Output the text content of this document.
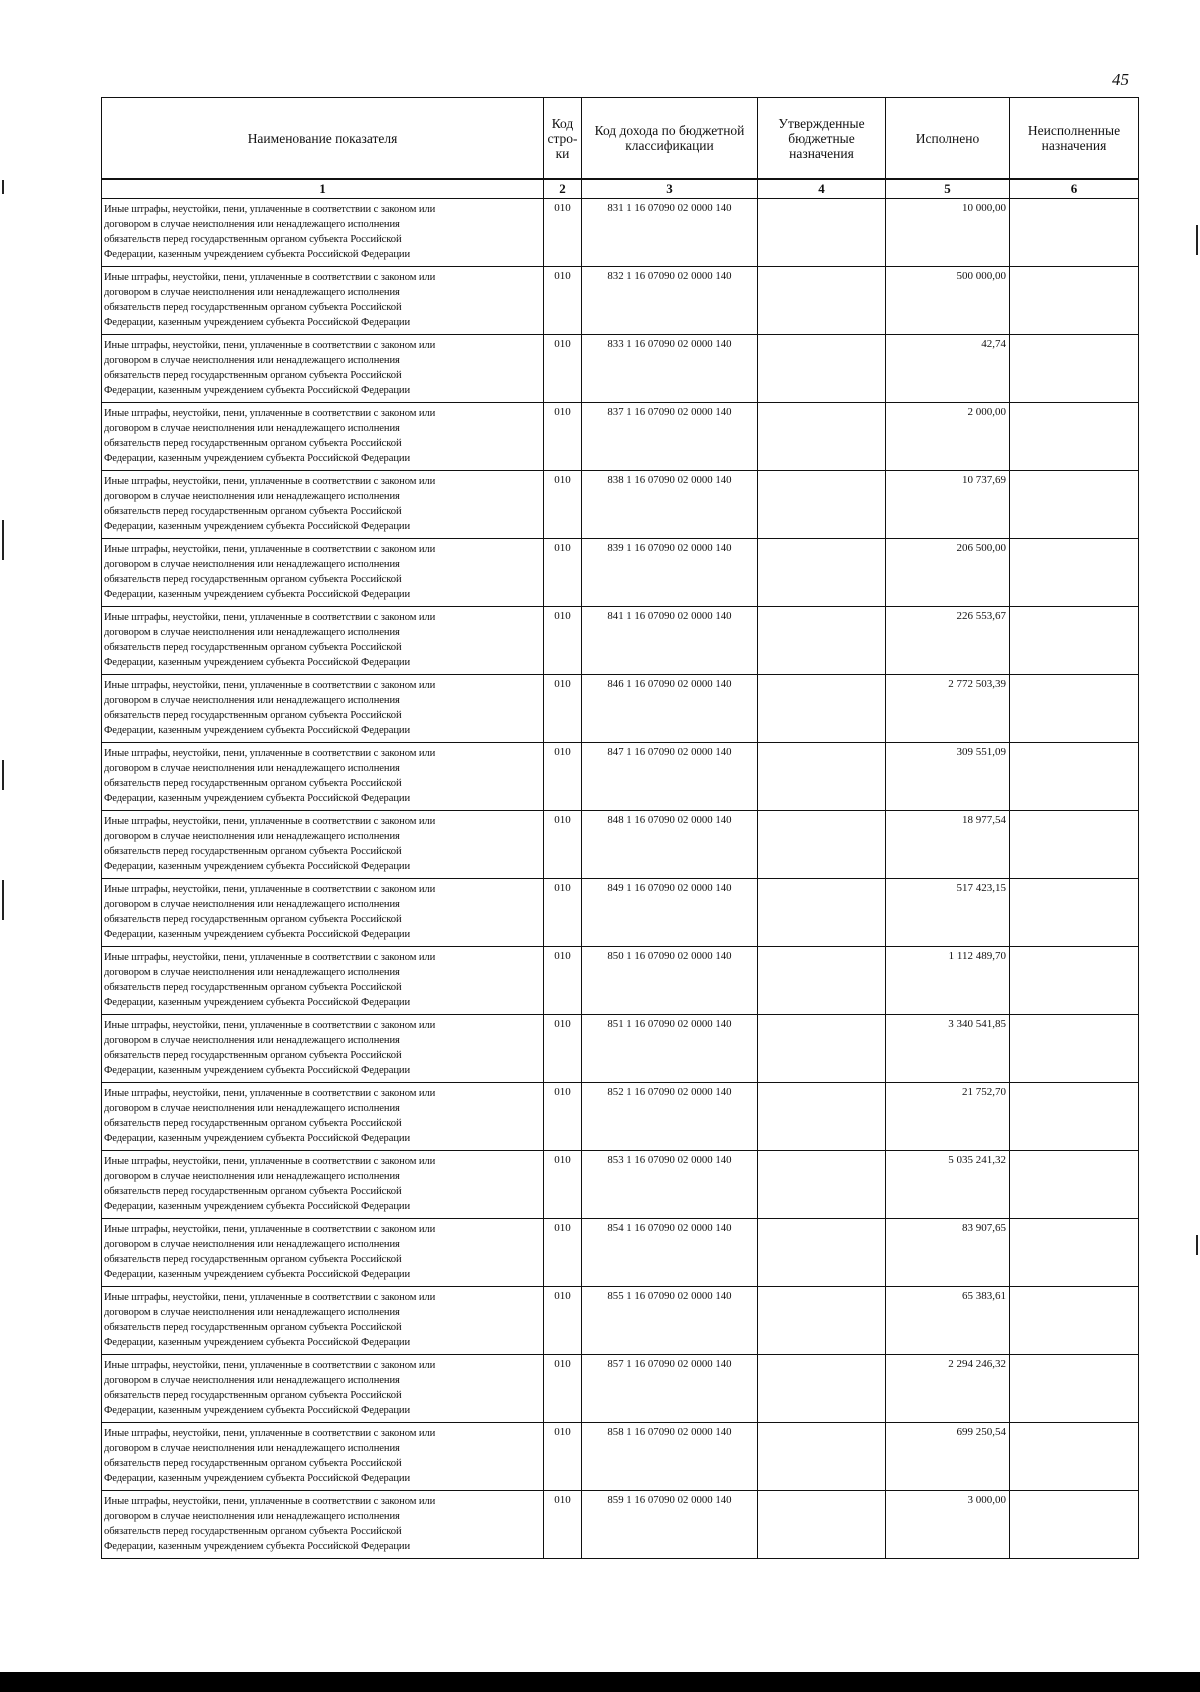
45
Наименование показателя	Код стро- ки	Код дохода по бюджетной классификации	Утвержденные бюджетные назначения	Исполнено	Неисполненные назначения

1	2	3	4	5	6

Иные штрафы, неустойки, пени, уплаченные в соответствии с законом или
договором в случае неисполнения или ненадлежащего исполнения
обязательств перед государственным органом субъекта Российской
Федерации, казенным учреждением субъекта Российской Федерации	010	831 1 16 07090 02 0000 140		10 000,00	

Иные штрафы, неустойки, пени, уплаченные в соответствии с законом или
договором в случае неисполнения или ненадлежащего исполнения
обязательств перед государственным органом субъекта Российской
Федерации, казенным учреждением субъекта Российской Федерации	010	832 1 16 07090 02 0000 140		500 000,00	

Иные штрафы, неустойки, пени, уплаченные в соответствии с законом или
договором в случае неисполнения или ненадлежащего исполнения
обязательств перед государственным органом субъекта Российской
Федерации, казенным учреждением субъекта Российской Федерации	010	833 1 16 07090 02 0000 140		42,74	

Иные штрафы, неустойки, пени, уплаченные в соответствии с законом или
договором в случае неисполнения или ненадлежащего исполнения
обязательств перед государственным органом субъекта Российской
Федерации, казенным учреждением субъекта Российской Федерации	010	837 1 16 07090 02 0000 140		2 000,00	

Иные штрафы, неустойки, пени, уплаченные в соответствии с законом или
договором в случае неисполнения или ненадлежащего исполнения
обязательств перед государственным органом субъекта Российской
Федерации, казенным учреждением субъекта Российской Федерации	010	838 1 16 07090 02 0000 140		10 737,69	

Иные штрафы, неустойки, пени, уплаченные в соответствии с законом или
договором в случае неисполнения или ненадлежащего исполнения
обязательств перед государственным органом субъекта Российской
Федерации, казенным учреждением субъекта Российской Федерации	010	839 1 16 07090 02 0000 140		206 500,00	

Иные штрафы, неустойки, пени, уплаченные в соответствии с законом или
договором в случае неисполнения или ненадлежащего исполнения
обязательств перед государственным органом субъекта Российской
Федерации, казенным учреждением субъекта Российской Федерации	010	841 1 16 07090 02 0000 140		226 553,67	

Иные штрафы, неустойки, пени, уплаченные в соответствии с законом или
договором в случае неисполнения или ненадлежащего исполнения
обязательств перед государственным органом субъекта Российской
Федерации, казенным учреждением субъекта Российской Федерации	010	846 1 16 07090 02 0000 140		2 772 503,39	

Иные штрафы, неустойки, пени, уплаченные в соответствии с законом или
договором в случае неисполнения или ненадлежащего исполнения
обязательств перед государственным органом субъекта Российской
Федерации, казенным учреждением субъекта Российской Федерации	010	847 1 16 07090 02 0000 140		309 551,09	

Иные штрафы, неустойки, пени, уплаченные в соответствии с законом или
договором в случае неисполнения или ненадлежащего исполнения
обязательств перед государственным органом субъекта Российской
Федерации, казенным учреждением субъекта Российской Федерации	010	848 1 16 07090 02 0000 140		18 977,54	

Иные штрафы, неустойки, пени, уплаченные в соответствии с законом или
договором в случае неисполнения или ненадлежащего исполнения
обязательств перед государственным органом субъекта Российской
Федерации, казенным учреждением субъекта Российской Федерации	010	849 1 16 07090 02 0000 140		517 423,15	

Иные штрафы, неустойки, пени, уплаченные в соответствии с законом или
договором в случае неисполнения или ненадлежащего исполнения
обязательств перед государственным органом субъекта Российской
Федерации, казенным учреждением субъекта Российской Федерации	010	850 1 16 07090 02 0000 140		1 112 489,70	

Иные штрафы, неустойки, пени, уплаченные в соответствии с законом или
договором в случае неисполнения или ненадлежащего исполнения
обязательств перед государственным органом субъекта Российской
Федерации, казенным учреждением субъекта Российской Федерации	010	851 1 16 07090 02 0000 140		3 340 541,85	

Иные штрафы, неустойки, пени, уплаченные в соответствии с законом или
договором в случае неисполнения или ненадлежащего исполнения
обязательств перед государственным органом субъекта Российской
Федерации, казенным учреждением субъекта Российской Федерации	010	852 1 16 07090 02 0000 140		21 752,70	

Иные штрафы, неустойки, пени, уплаченные в соответствии с законом или
договором в случае неисполнения или ненадлежащего исполнения
обязательств перед государственным органом субъекта Российской
Федерации, казенным учреждением субъекта Российской Федерации	010	853 1 16 07090 02 0000 140		5 035 241,32	

Иные штрафы, неустойки, пени, уплаченные в соответствии с законом или
договором в случае неисполнения или ненадлежащего исполнения
обязательств перед государственным органом субъекта Российской
Федерации, казенным учреждением субъекта Российской Федерации	010	854 1 16 07090 02 0000 140		83 907,65	

Иные штрафы, неустойки, пени, уплаченные в соответствии с законом или
договором в случае неисполнения или ненадлежащего исполнения
обязательств перед государственным органом субъекта Российской
Федерации, казенным учреждением субъекта Российской Федерации	010	855 1 16 07090 02 0000 140		65 383,61	

Иные штрафы, неустойки, пени, уплаченные в соответствии с законом или
договором в случае неисполнения или ненадлежащего исполнения
обязательств перед государственным органом субъекта Российской
Федерации, казенным учреждением субъекта Российской Федерации	010	857 1 16 07090 02 0000 140		2 294 246,32	

Иные штрафы, неустойки, пени, уплаченные в соответствии с законом или
договором в случае неисполнения или ненадлежащего исполнения
обязательств перед государственным органом субъекта Российской
Федерации, казенным учреждением субъекта Российской Федерации	010	858 1 16 07090 02 0000 140		699 250,54	

Иные штрафы, неустойки, пени, уплаченные в соответствии с законом или
договором в случае неисполнения или ненадлежащего исполнения
обязательств перед государственным органом субъекта Российской
Федерации, казенным учреждением субъекта Российской Федерации	010	859 1 16 07090 02 0000 140		3 000,00	
